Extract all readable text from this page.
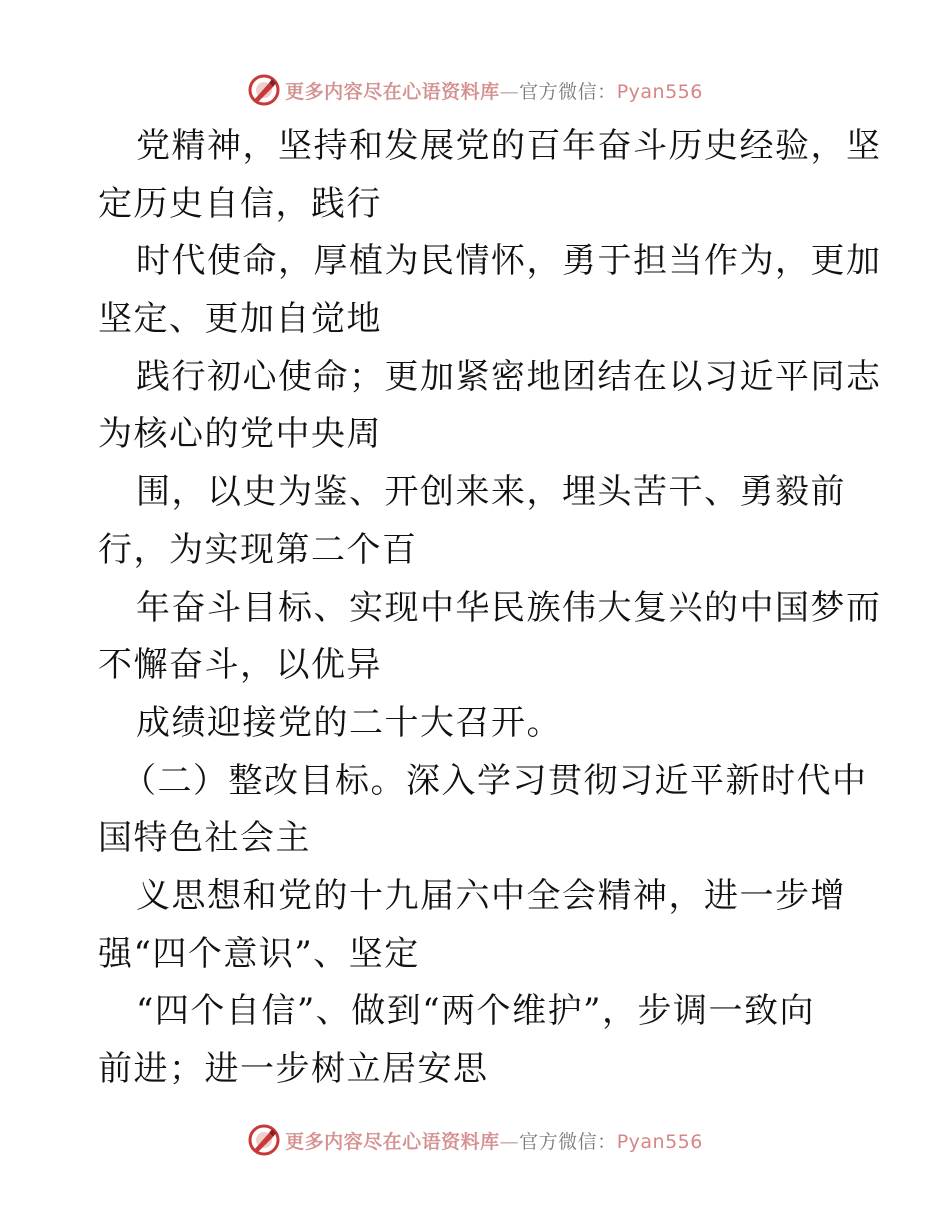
更多内容尽在心语资料库—官方微信：Pyan556
党精神，坚持和发展党的百年奋斗历史经验，坚
定历史自信，践行
时代使命，厚植为民情怀，勇于担当作为，更加
坚定、更加自觉地
践行初心使命；更加紧密地团结在以习近平同志
为核心的党中央周
围，以史为鉴、开创来来，埋头苦干、勇毅前
行，为实现第二个百
年奋斗目标、实现中华民族伟大复兴的中国梦而
不懈奋斗，以优异
成绩迎接党的二十大召开。
（二）整改目标。深入学习贯彻习近平新时代中
国特色社会主
义思想和党的十九届六中全会精神，进一步增
强“四个意识”、坚定
“四个自信”、做到“两个维护”，步调一致向
前进；进一步树立居安思
更多内容尽在心语资料库—官方微信：Pyan556
